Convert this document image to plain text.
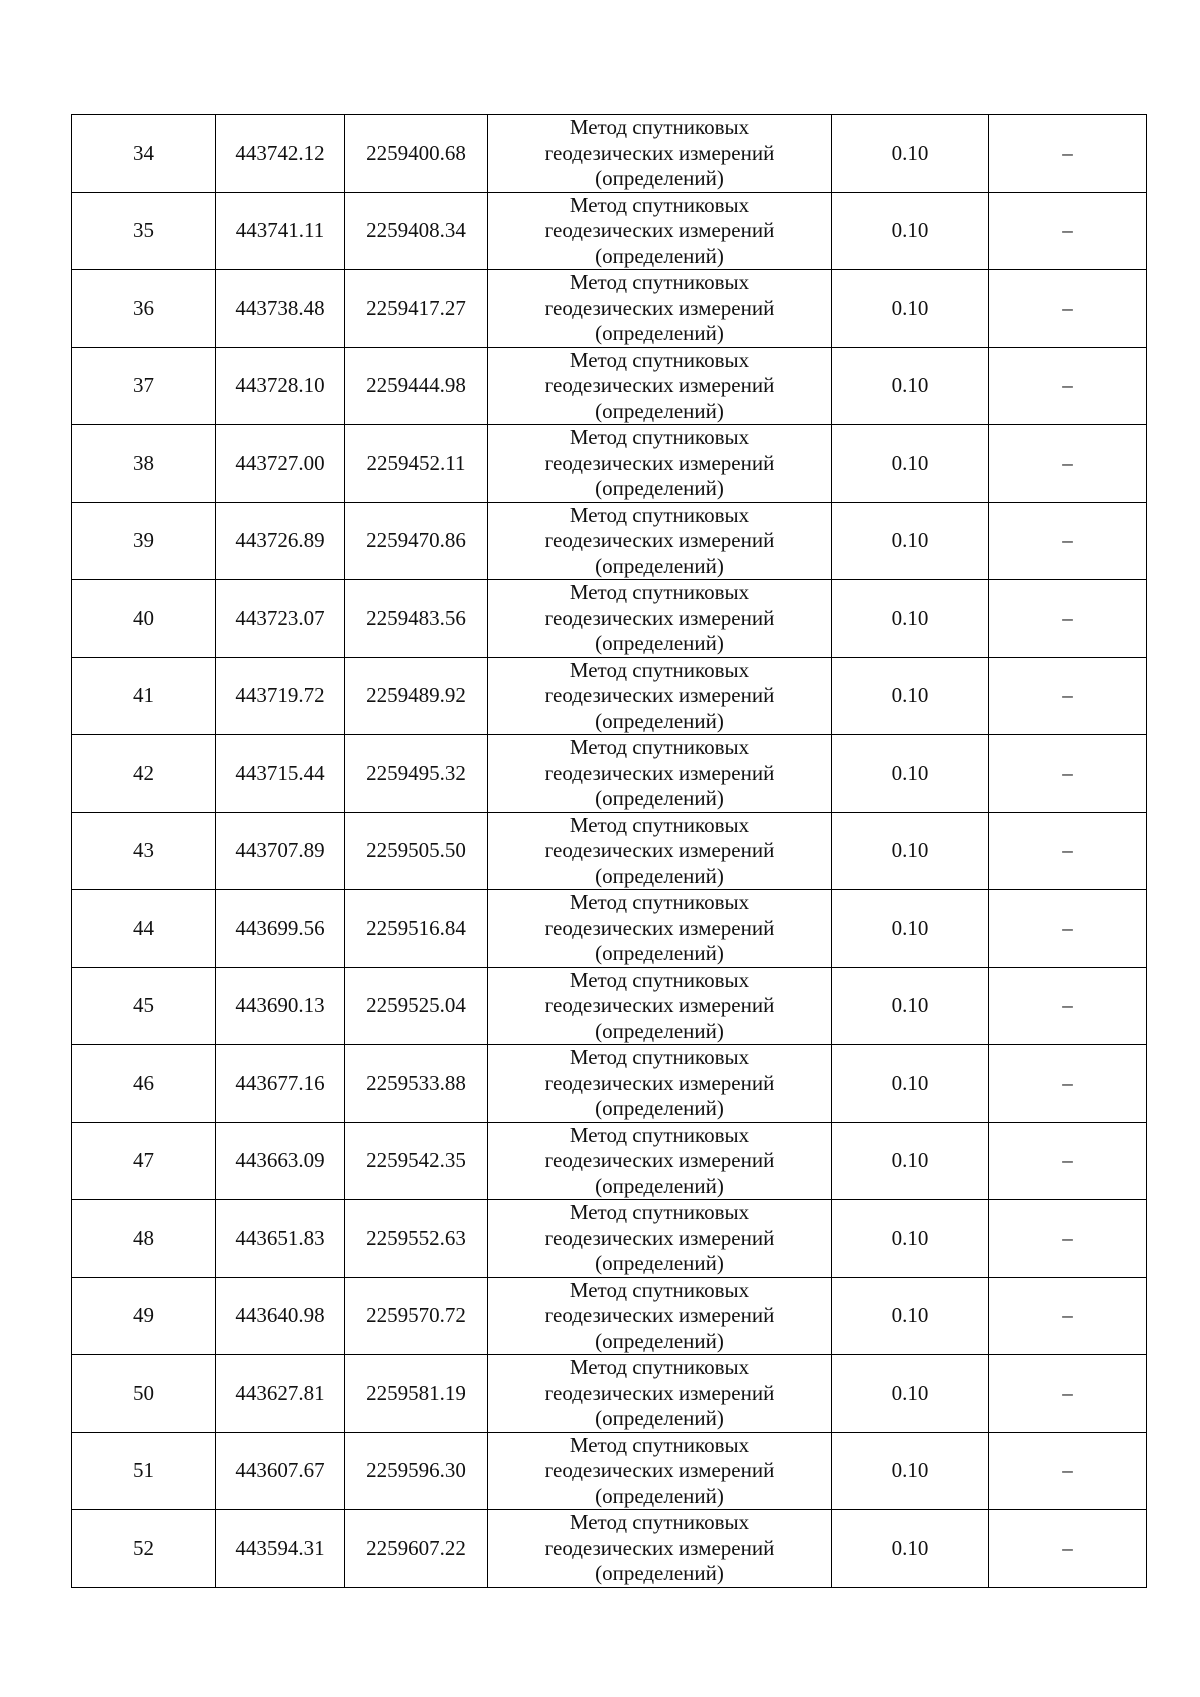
34	443742.12	2259400.68	Метод спутниковых
геодезических измерений
(определений)	0.10	–
35	443741.11	2259408.34	Метод спутниковых
геодезических измерений
(определений)	0.10	–
36	443738.48	2259417.27	Метод спутниковых
геодезических измерений
(определений)	0.10	–
37	443728.10	2259444.98	Метод спутниковых
геодезических измерений
(определений)	0.10	–
38	443727.00	2259452.11	Метод спутниковых
геодезических измерений
(определений)	0.10	–
39	443726.89	2259470.86	Метод спутниковых
геодезических измерений
(определений)	0.10	–
40	443723.07	2259483.56	Метод спутниковых
геодезических измерений
(определений)	0.10	–
41	443719.72	2259489.92	Метод спутниковых
геодезических измерений
(определений)	0.10	–
42	443715.44	2259495.32	Метод спутниковых
геодезических измерений
(определений)	0.10	–
43	443707.89	2259505.50	Метод спутниковых
геодезических измерений
(определений)	0.10	–
44	443699.56	2259516.84	Метод спутниковых
геодезических измерений
(определений)	0.10	–
45	443690.13	2259525.04	Метод спутниковых
геодезических измерений
(определений)	0.10	–
46	443677.16	2259533.88	Метод спутниковых
геодезических измерений
(определений)	0.10	–
47	443663.09	2259542.35	Метод спутниковых
геодезических измерений
(определений)	0.10	–
48	443651.83	2259552.63	Метод спутниковых
геодезических измерений
(определений)	0.10	–
49	443640.98	2259570.72	Метод спутниковых
геодезических измерений
(определений)	0.10	–
50	443627.81	2259581.19	Метод спутниковых
геодезических измерений
(определений)	0.10	–
51	443607.67	2259596.30	Метод спутниковых
геодезических измерений
(определений)	0.10	–
52	443594.31	2259607.22	Метод спутниковых
геодезических измерений
(определений)	0.10	–
